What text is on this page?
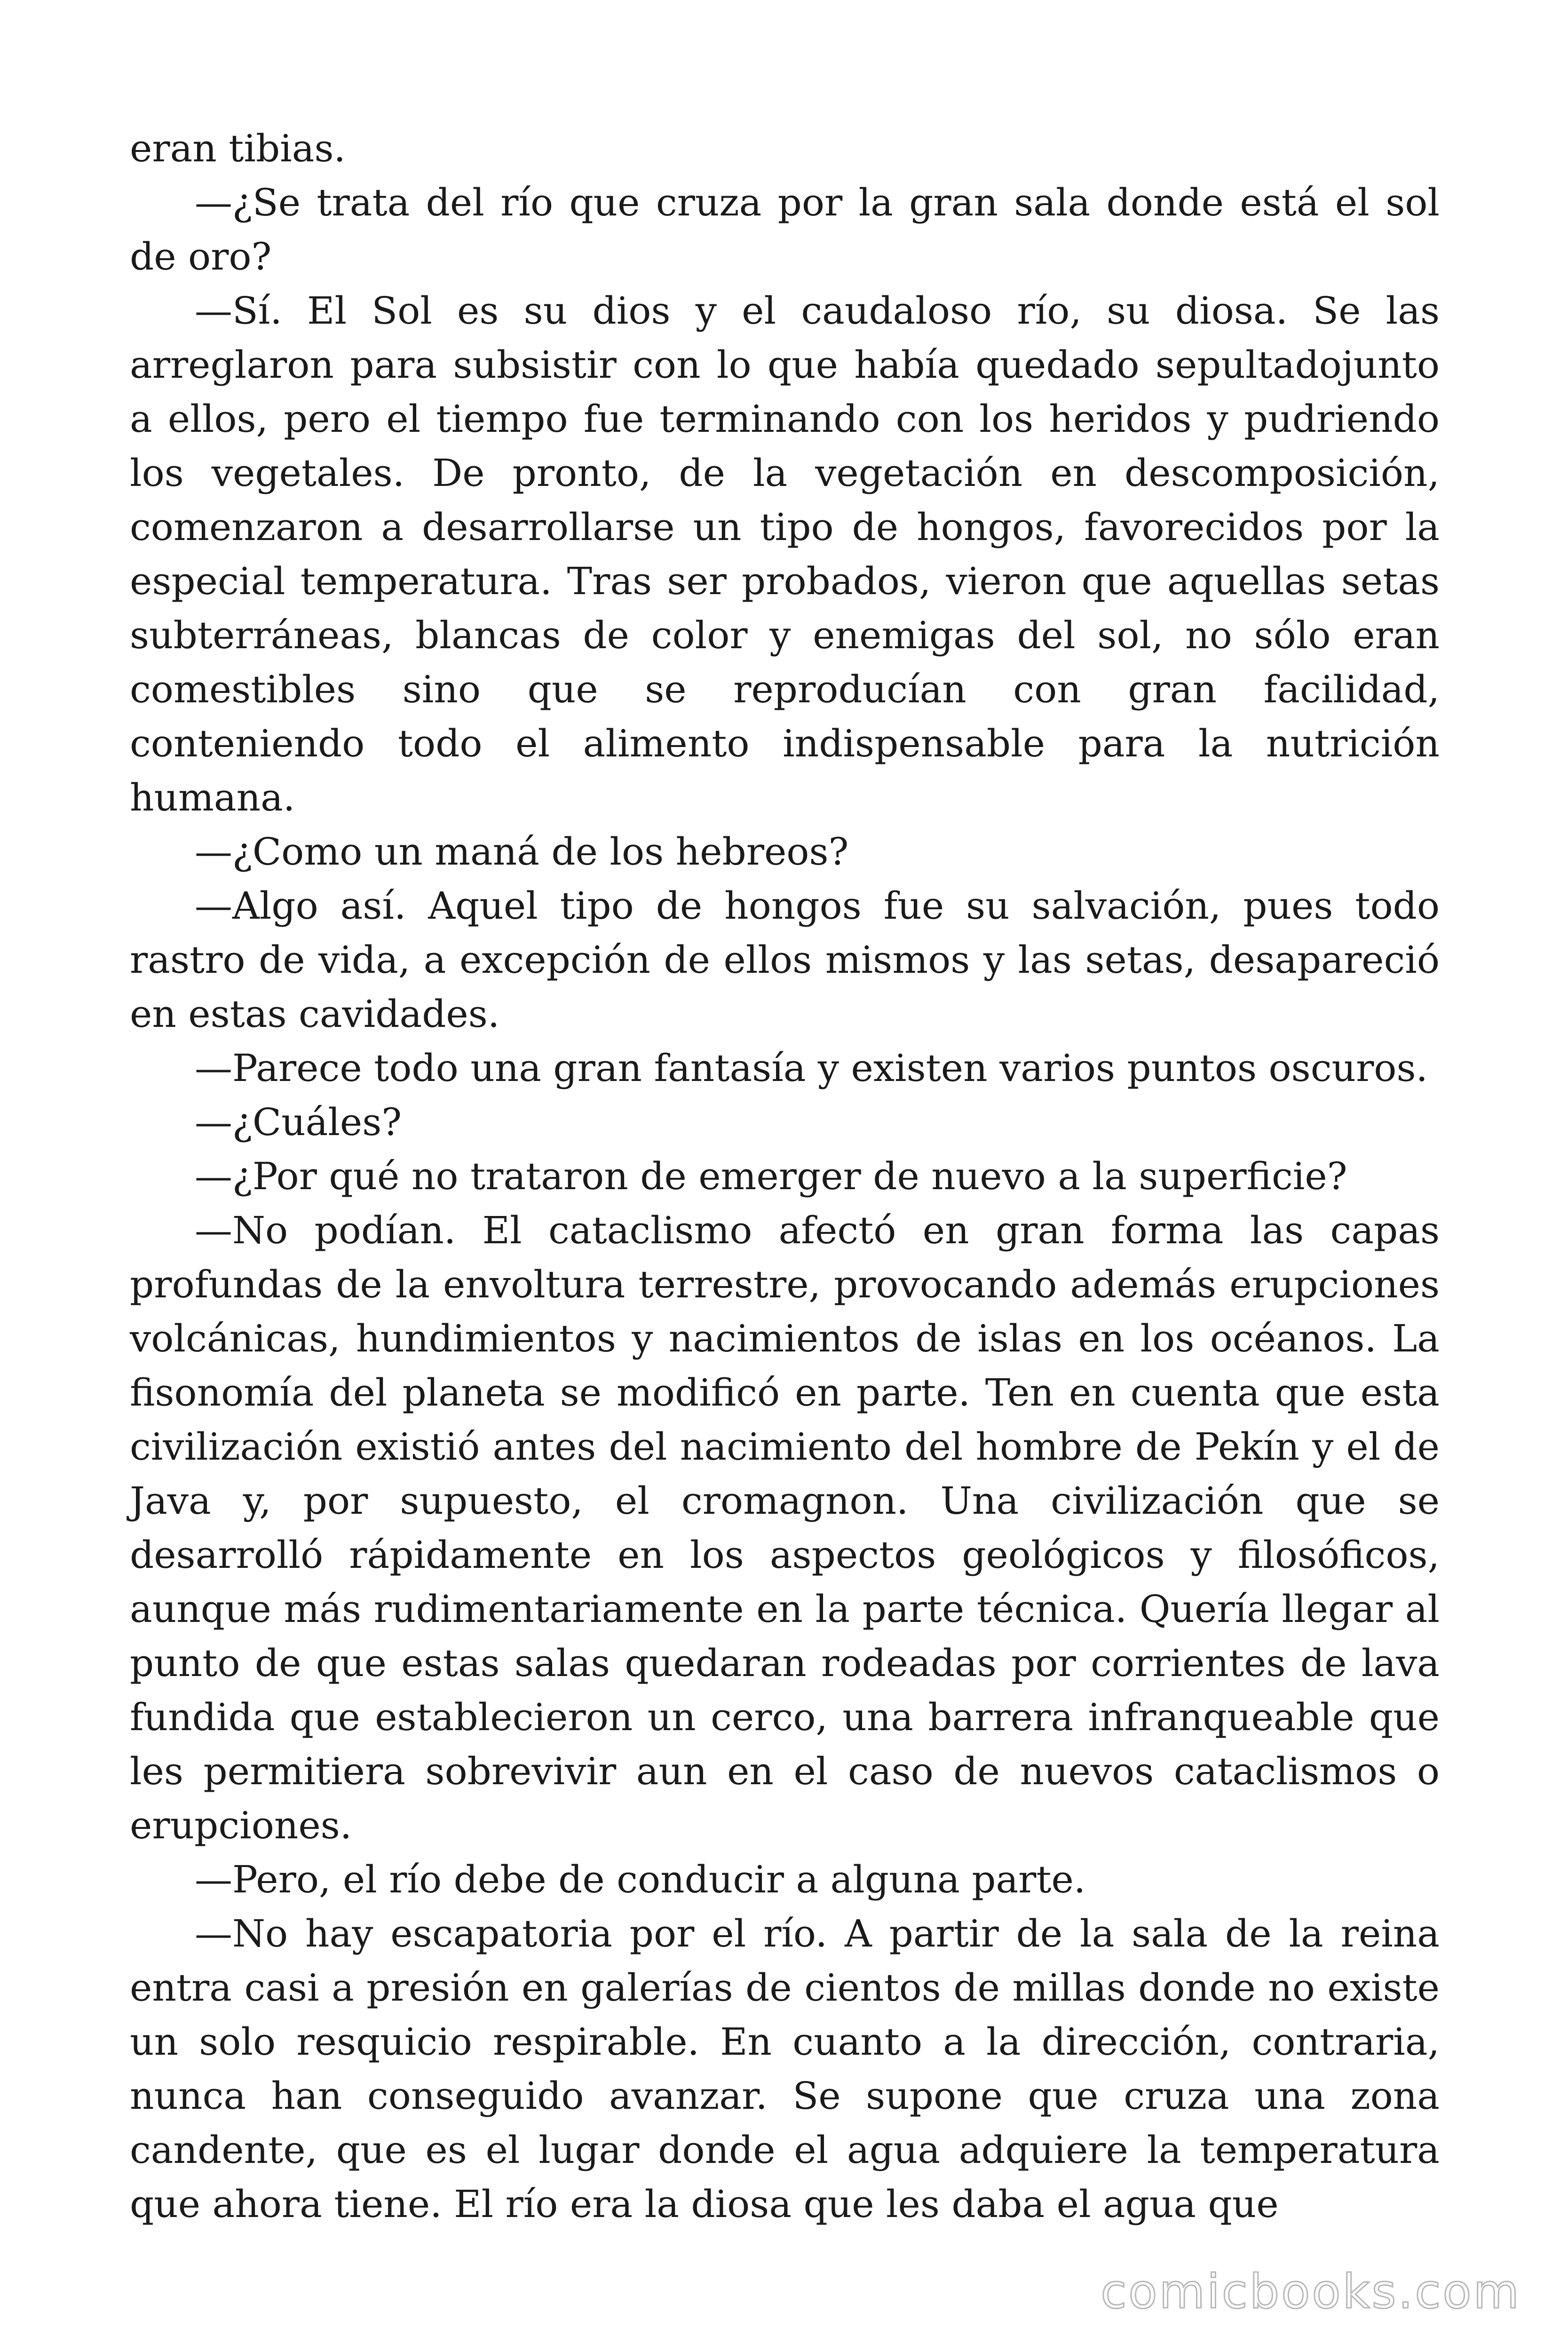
eran tibias.

—¿Se trata del río que cruza por la gran sala donde está el sol de oro?

—Sí. El Sol es su dios y el caudaloso río, su diosa. Se las arreglaron para subsistir con lo que había quedado sepultadojunto a ellos, pero el tiempo fue terminando con los heridos y pudriendo los vegetales. De pronto, de la vegetación en descomposición, comenzaron a desarrollarse un tipo de hongos, favorecidos por la especial temperatura. Tras ser probados, vieron que aquellas setas subterráneas, blancas de color y enemigas del sol, no sólo eran comestibles sino que se reproducían con gran facilidad, conteniendo todo el alimento indispensable para la nutrición humana.

—¿Como un maná de los hebreos?

—Algo así. Aquel tipo de hongos fue su salvación, pues todo rastro de vida, a excepción de ellos mismos y las setas, desapareció en estas cavidades.

—Parece todo una gran fantasía y existen varios puntos oscuros.

—¿Cuáles?

—¿Por qué no trataron de emerger de nuevo a la superficie?

—No podían. El cataclismo afectó en gran forma las capas profundas de la envoltura terrestre, provocando además erupciones volcánicas, hundimientos y nacimientos de islas en los océanos. La fisonomía del planeta se modificó en parte. Ten en cuenta que esta civilización existió antes del nacimiento del hombre de Pekín y el de Java y, por supuesto, el cromagnon. Una civilización que se desarrolló rápidamente en los aspectos geológicos y filosóficos, aunque más rudimentariamente en la parte técnica. Quería llegar al punto de que estas salas quedaran rodeadas por corrientes de lava fundida que establecieron un cerco, una barrera infranqueable que les permitiera sobrevivir aun en el caso de nuevos cataclismos o erupciones.

—Pero, el río debe de conducir a alguna parte.

—No hay escapatoria por el río. A partir de la sala de la reina entra casi a presión en galerías de cientos de millas donde no existe un solo resquicio respirable. En cuanto a la dirección, contraria, nunca han conseguido avanzar. Se supone que cruza una zona candente, que es el lugar donde el agua adquiere la temperatura que ahora tiene. El río era la diosa que les daba el agua que

comicbooks.com
